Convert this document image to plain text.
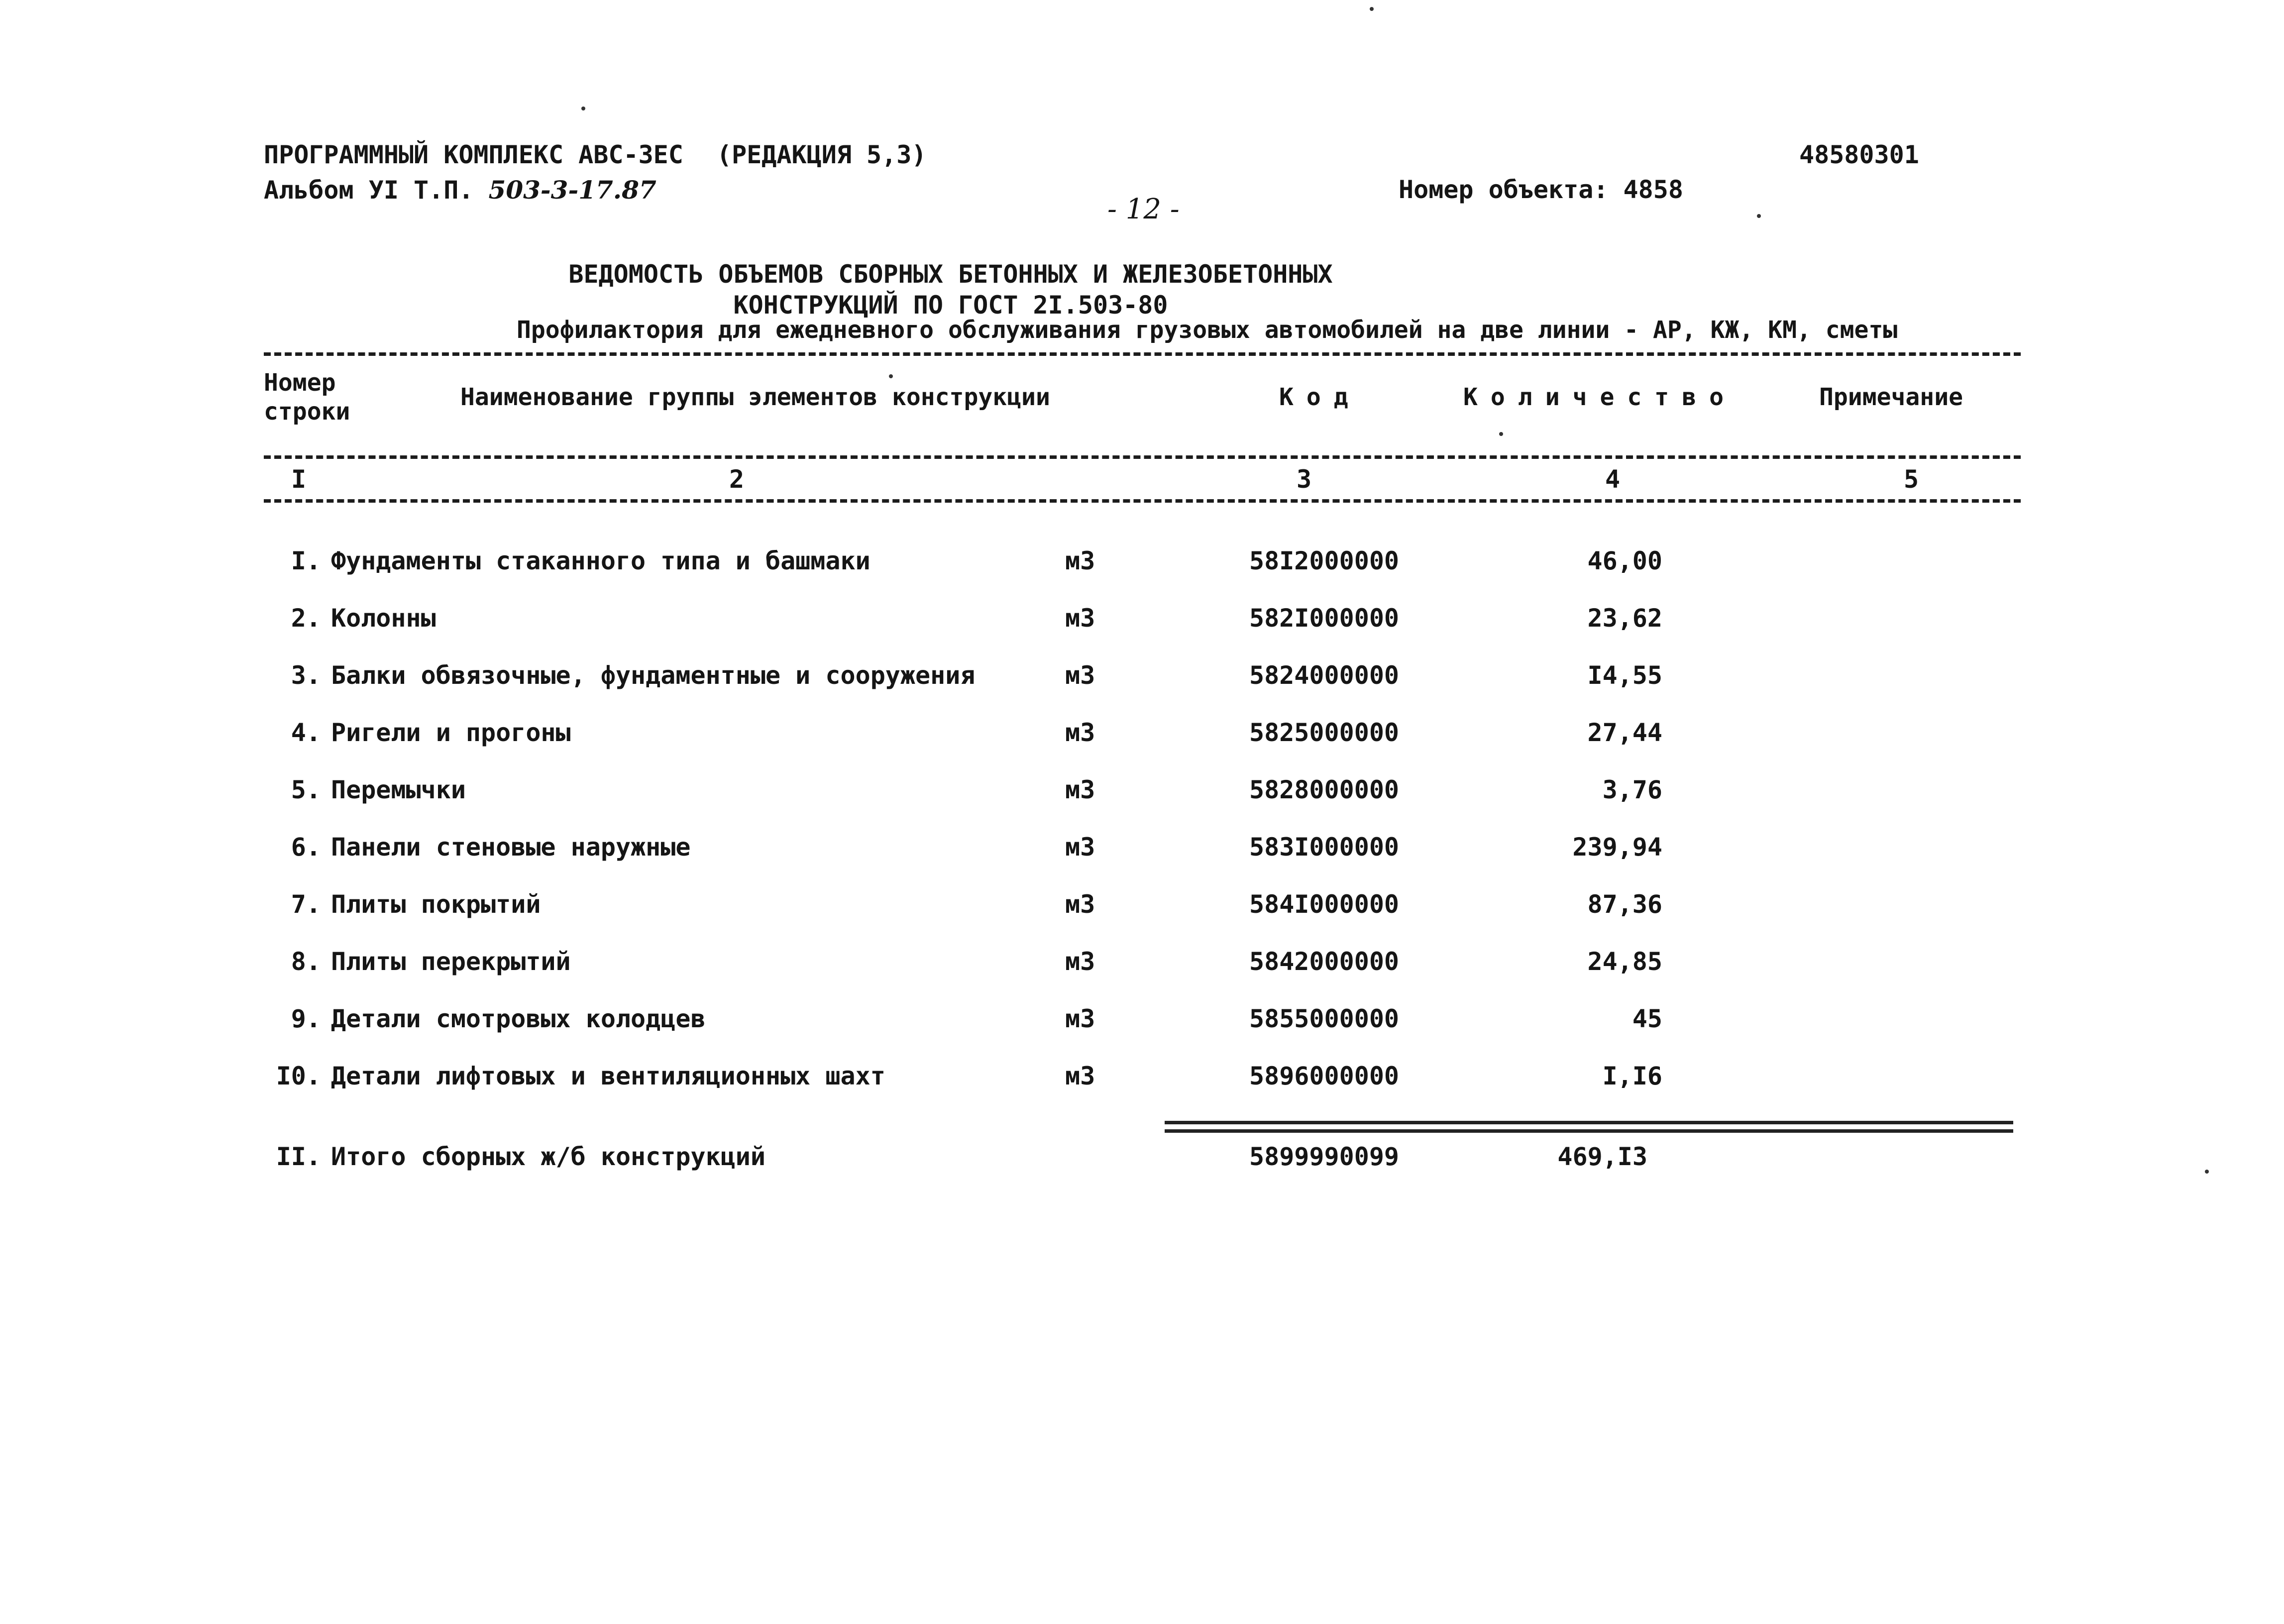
ПРОГРАММНЫЙ КОМПЛЕКС АВС-3ЕС (РЕДАКЦИЯ 5,3)	48580301
Альбом УI Т.П. 503-3-17.87
- 12 -
Номер объекта: 4858
ВЕДОМОСТЬ ОБЪЕМОВ СБОРНЫХ БЕТОННЫХ И ЖЕЛЕЗОБЕТОННЫХ
КОНСТРУКЦИЙ ПО ГОСТ 2I.503-80
Профилактория для ежедневного обслуживания грузовых автомобилей на две линии - АР, КЖ, КМ, сметы
Номер
строки
Наименование группы элементов конструкции	Код	Количество	Примечание
I	2	3	4	5
I. Фундаменты стаканного типа и башмаки	м3	58I2000000	46,00
2. Колонны	м3	582I000000	23,62
3. Балки обвязочные, фундаментные и сооружения	м3	5824000000	I4,55
4. Ригели и прогоны	м3	5825000000	27,44
5. Перемычки	м3	5828000000	3,76
6. Панели стеновые наружные	м3	583I000000	239,94
7. Плиты покрытий	м3	584I000000	87,36
8. Плиты перекрытий	м3	5842000000	24,85
9. Детали смотровых колодцев	м3	5855000000	45
I0. Детали лифтовых и вентиляционных шахт	м3	5896000000	I,I6
II. Итого сборных ж/б конструкций	5899990099	469,I3
